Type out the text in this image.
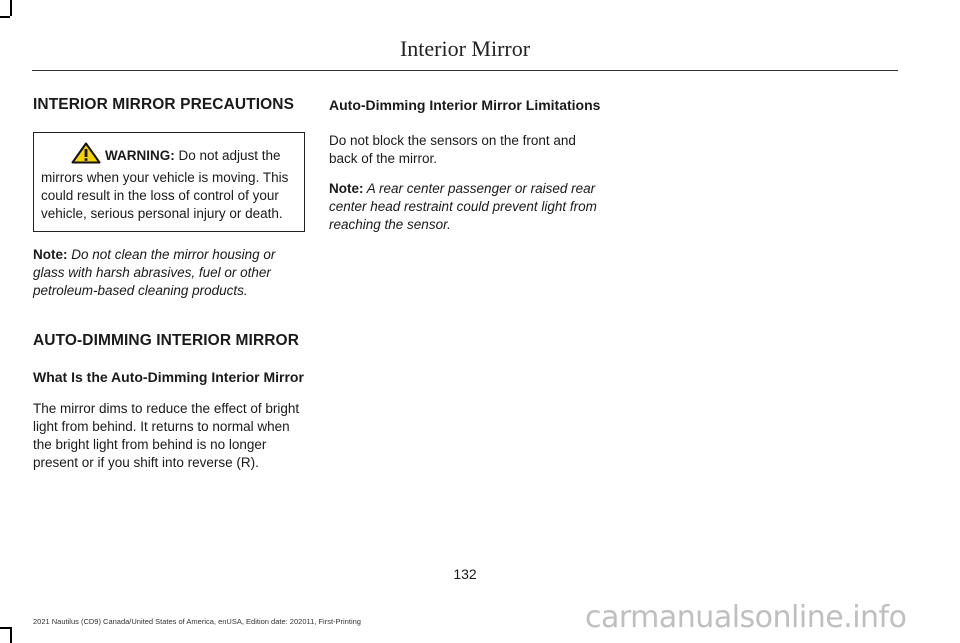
Interior Mirror
INTERIOR MIRROR PRECAUTIONS
WARNING: Do not adjust the mirrors when your vehicle is moving. This could result in the loss of control of your vehicle, serious personal injury or death.

Note: Do not clean the mirror housing or glass with harsh abrasives, fuel or other petroleum-based cleaning products.

AUTO-DIMMING INTERIOR MIRROR
What Is the Auto-Dimming Interior Mirror

The mirror dims to reduce the effect of bright light from behind. It returns to normal when the bright light from behind is no longer present or if you shift into reverse (R).

Auto-Dimming Interior Mirror Limitations

Do not block the sensors on the front and back of the mirror.

Note: A rear center passenger or raised rear center head restraint could prevent light from reaching the sensor.

132
2021 Nautilus (CD9) Canada/United States of America, enUSA, Edition date: 202011, First-Printing	carmanualsonline.info
